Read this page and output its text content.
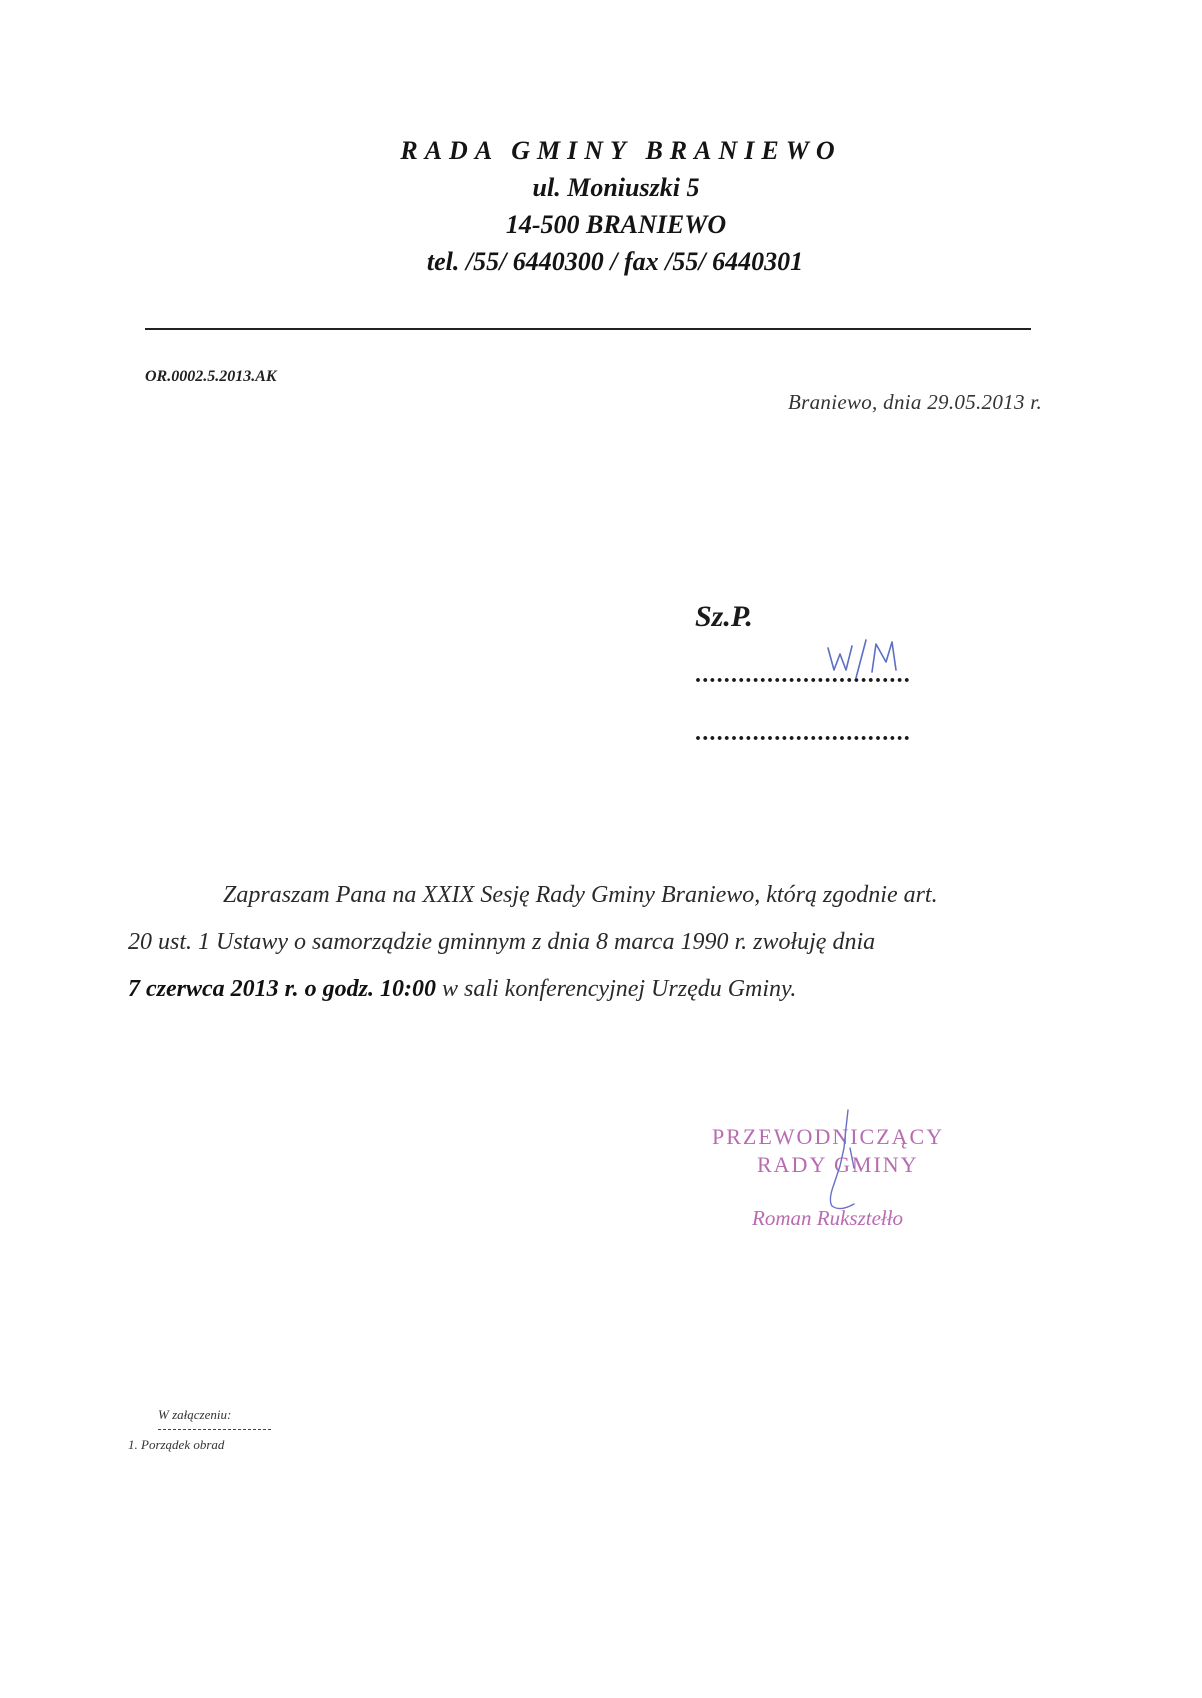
RADA GMINY BRANIEWO
ul. Moniuszki 5
14-500 BRANIEWO
tel. /55/ 6440300 / fax /55/ 6440301
OR.0002.5.2013.AK
Braniewo, dnia 29.05.2013 r.
Sz.P.
..............................
..............................
Zapraszam Pana na XXIX Sesję Rady Gminy Braniewo, którą zgodnie art.
20 ust. 1 Ustawy o samorządzie gminnym z dnia 8 marca 1990 r. zwołuję dnia
7 czerwca 2013 r. o godz. 10:00 w sali konferencyjnej Urzędu Gminy.
PRZEWODNICZĄCY
RADY GMINY
Roman Ruksztełło
W załączeniu:
1. Porządek obrad
